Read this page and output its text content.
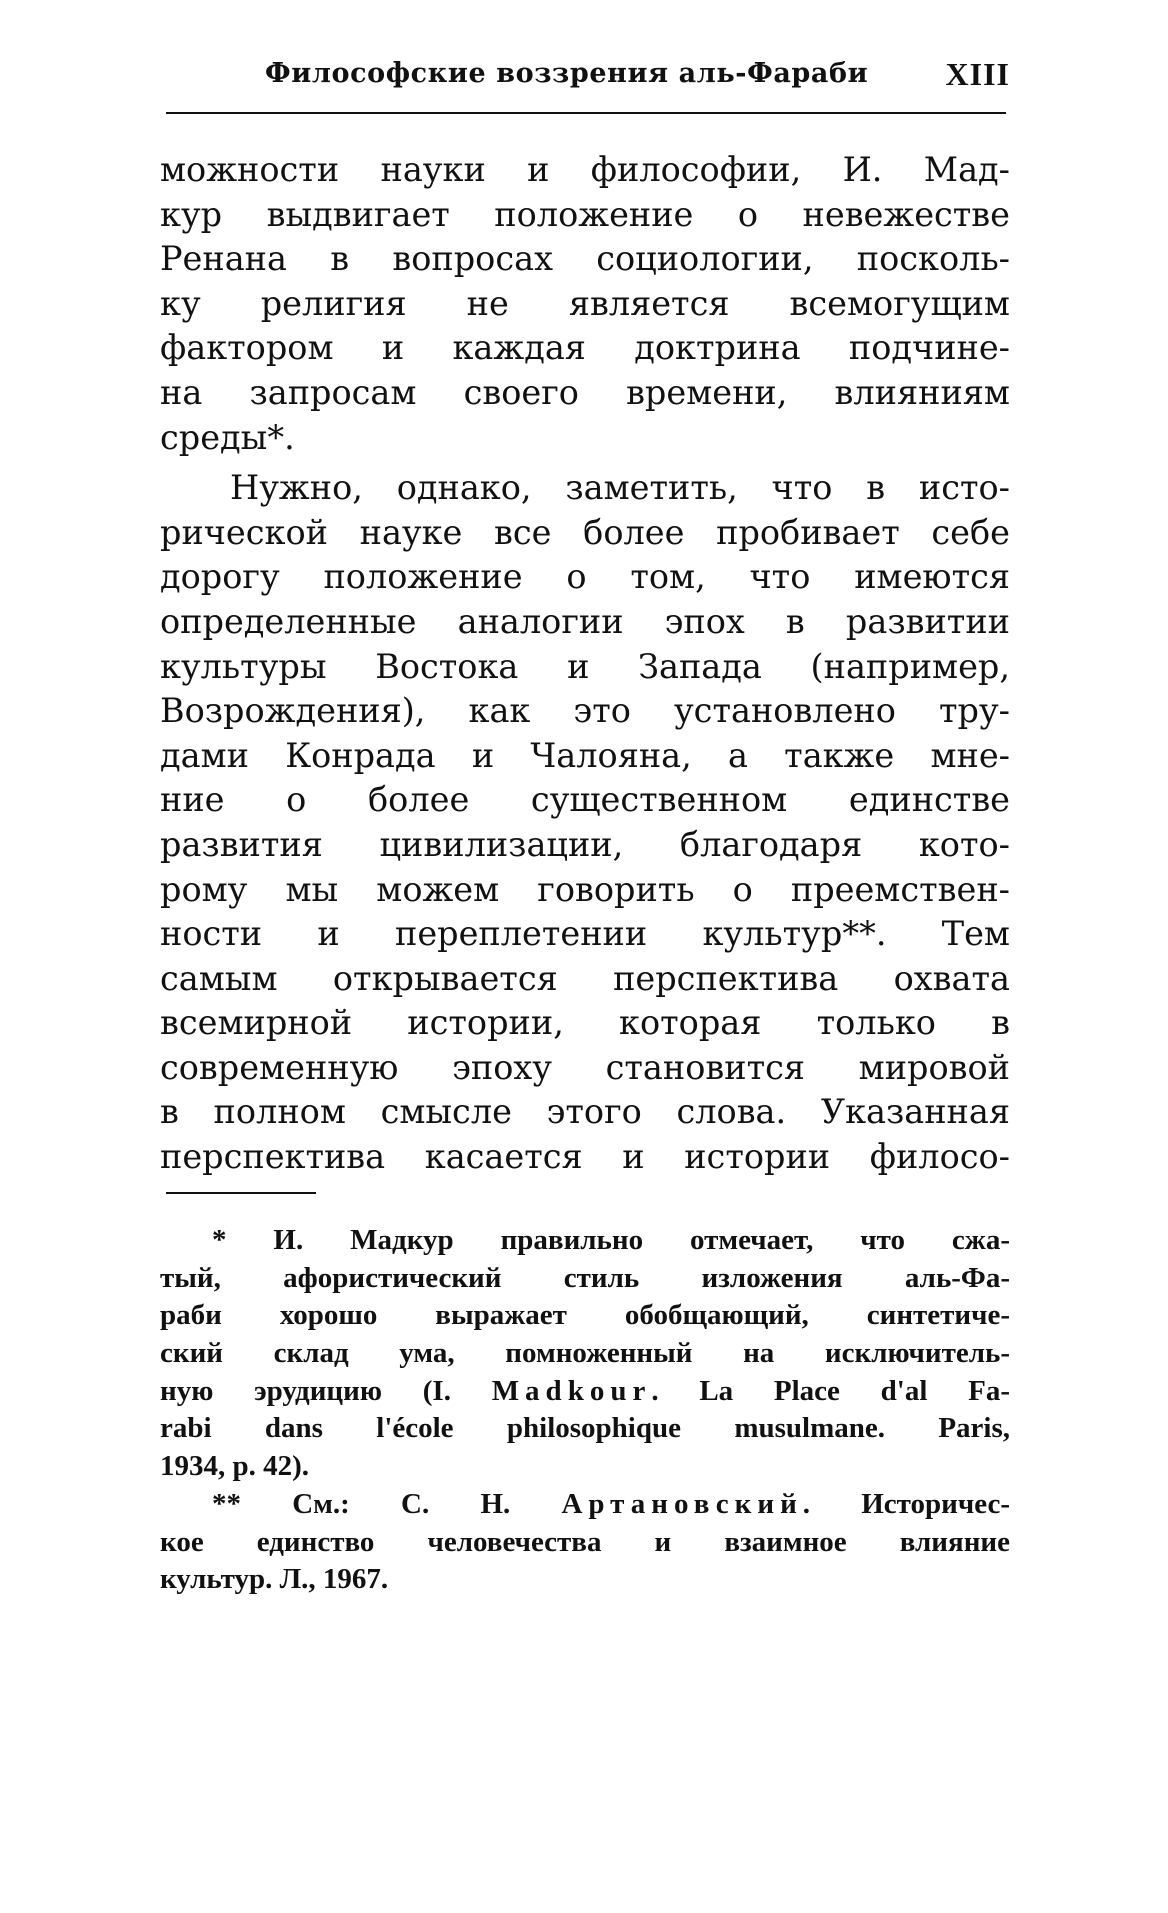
Философские воззрения аль-Фараби XIII
можности науки и философии, И. Мад-
кур выдвигает положение о невежестве
Ренана в вопросах социологии, посколь-
ку религия не является всемогущим
фактором и каждая доктрина подчине-
на запросам своего времени, влияниям
среды*.
Нужно, однако, заметить, что в исто-
рической науке все более пробивает себе
дорогу положение о том, что имеются
определенные аналогии эпох в развитии
культуры Востока и Запада (например,
Возрождения), как это установлено тру-
дами Конрада и Чалояна, а также мне-
ние о более существенном единстве
развития цивилизации, благодаря кото-
рому мы можем говорить о преемствен-
ности и переплетении культур**. Тем
самым открывается перспектива охвата
всемирной истории, которая только в
современную эпоху становится мировой
в полном смысле этого слова. Указанная
перспектива касается и истории филосо-
* И. Мадкур правильно отмечает, что сжа-
тый, афористический стиль изложения аль-Фа-
раби хорошо выражает обобщающий, синтетиче-
ский склад ума, помноженный на исключитель-
ную эрудицию (I. Madkour. La Place d'al Fa-
rabi dans l'école philosophique musulmane. Paris,
1934, p. 42).
** См.: С. Н. Артановский. Историчес-
кое единство человечества и взаимное влияние
культур. Л., 1967.
